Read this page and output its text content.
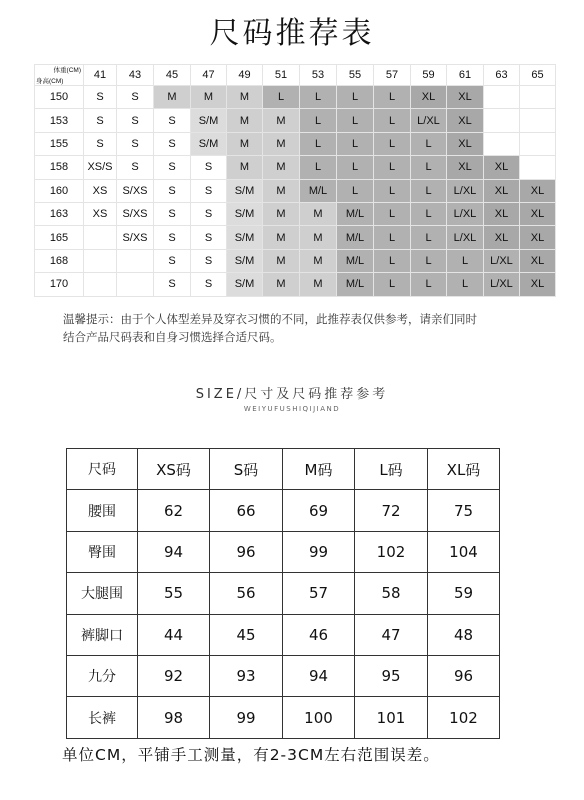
尺码推荐表
体重(CM)
身高(CM)	41	43	45	47	49	51	53	55	57	59	61	63	65
150	S	S	M	M	M	L	L	L	L	XL	XL		
153	S	S	S	S/M	M	M	L	L	L	L/XL	XL		
155	S	S	S	S/M	M	M	L	L	L	L	XL		
158	XS/S	S	S	S	M	M	L	L	L	L	XL	XL	
160	XS	S/XS	S	S	S/M	M	M/L	L	L	L	L/XL	XL	XL
163	XS	S/XS	S	S	S/M	M	M	M/L	L	L	L/XL	XL	XL
165		S/XS	S	S	S/M	M	M	M/L	L	L	L/XL	XL	XL
168			S	S	S/M	M	M	M/L	L	L	L	L/XL	XL
170			S	S	S/M	M	M	M/L	L	L	L	L/XL	XL
温馨提示：由于个人体型差异及穿衣习惯的不同，此推荐表仅供参考，请亲们同时
结合产品尺码表和自身习惯选择合适尺码。
SIZE/尺寸及尺码推荐参考
WEIYUFUSHIQIJIAND
尺码	XS码	S码	M码	L码	XL码
腰围	62	66	69	72	75
臀围	94	96	99	102	104
大腿围	55	56	57	58	59
裤脚口	44	45	46	47	48
九分	92	93	94	95	96
长裤	98	99	100	101	102
单位CM，平铺手工测量，有2-3CM左右范围误差。
